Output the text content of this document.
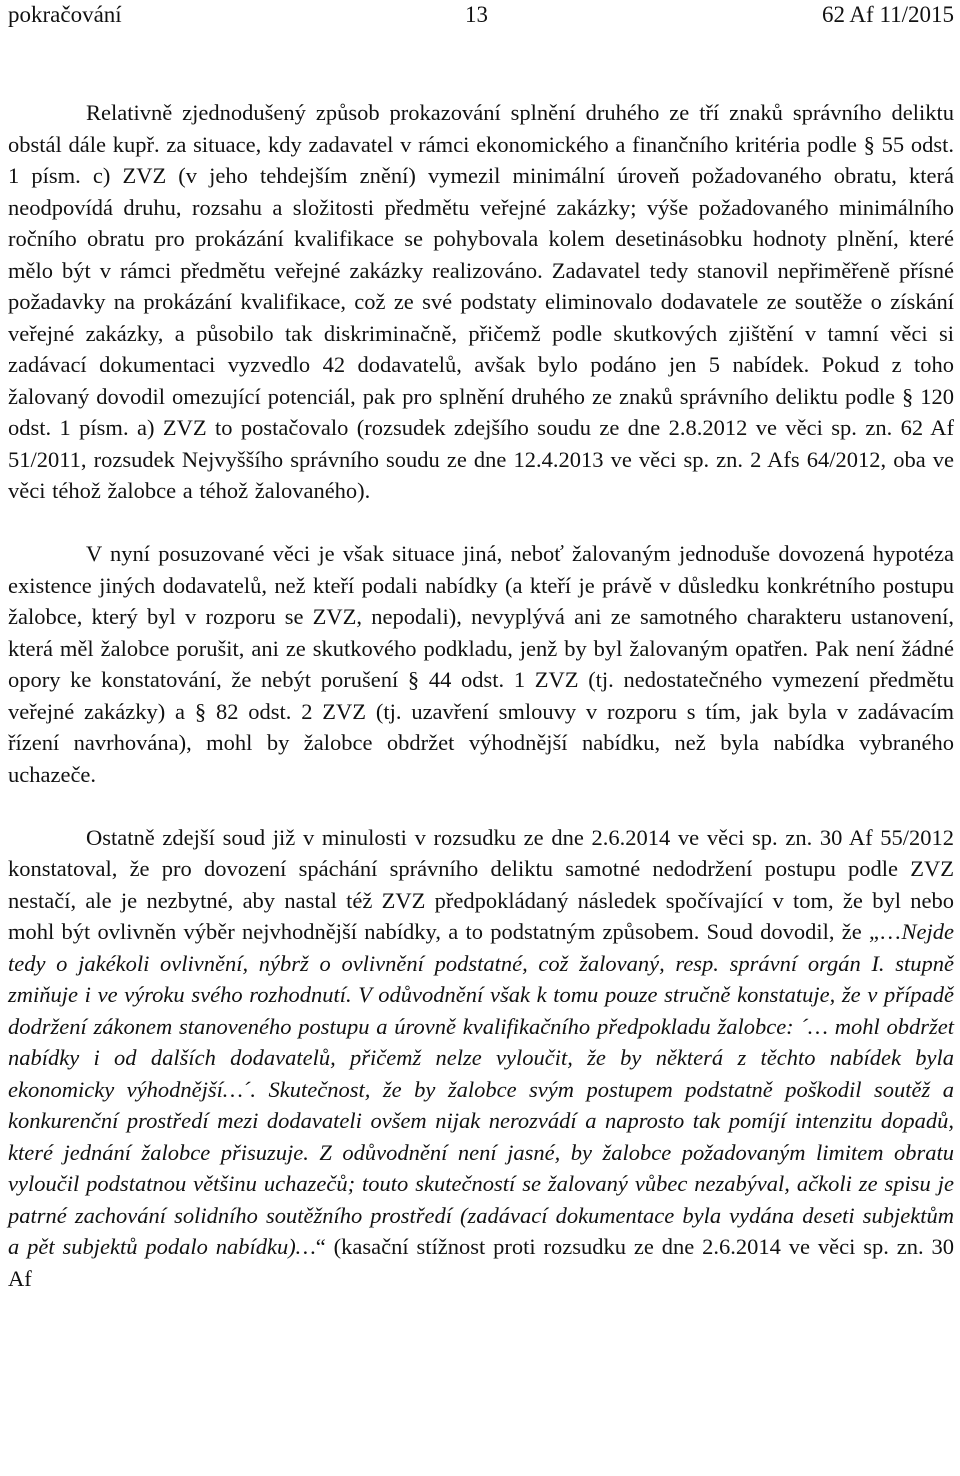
pokračování	13	62 Af 11/2015

Relativně zjednodušený způsob prokazování splnění druhého ze tří znaků správního deliktu obstál dále kupř. za situace, kdy zadavatel v rámci ekonomického a finančního kritéria podle § 55 odst. 1 písm. c) ZVZ (v jeho tehdejším znění) vymezil minimální úroveň požadovaného obratu, která neodpovídá druhu, rozsahu a složitosti předmětu veřejné zakázky; výše požadovaného minimálního ročního obratu pro prokázání kvalifikace se pohybovala kolem desetinásobku hodnoty plnění, které mělo být v rámci předmětu veřejné zakázky realizováno. Zadavatel tedy stanovil nepřiměřeně přísné požadavky na prokázání kvalifikace, což ze své podstaty eliminovalo dodavatele ze soutěže o získání veřejné zakázky, a působilo tak diskriminačně, přičemž podle skutkových zjištění v tamní věci si zadávací dokumentaci vyzvedlo 42 dodavatelů, avšak bylo podáno jen 5 nabídek. Pokud z toho žalovaný dovodil omezující potenciál, pak pro splnění druhého ze znaků správního deliktu podle § 120 odst. 1 písm. a) ZVZ to postačovalo (rozsudek zdejšího soudu ze dne 2.8.2012 ve věci sp. zn. 62 Af 51/2011, rozsudek Nejvyššího správního soudu ze dne 12.4.2013 ve věci sp. zn. 2 Afs 64/2012, oba ve věci téhož žalobce a téhož žalovaného).

V nyní posuzované věci je však situace jiná, neboť žalovaným jednoduše dovozená hypotéza existence jiných dodavatelů, než kteří podali nabídky (a kteří je právě v důsledku konkrétního postupu žalobce, který byl v rozporu se ZVZ, nepodali), nevyplývá ani ze samotného charakteru ustanovení, která měl žalobce porušit, ani ze skutkového podkladu, jenž by byl žalovaným opatřen. Pak není žádné opory ke konstatování, že nebýt porušení § 44 odst. 1 ZVZ (tj. nedostatečného vymezení předmětu veřejné zakázky) a § 82 odst. 2 ZVZ (tj. uzavření smlouvy v rozporu s tím, jak byla v zadávacím řízení navrhována), mohl by žalobce obdržet výhodnější nabídku, než byla nabídka vybraného uchazeče.

Ostatně zdejší soud již v minulosti v rozsudku ze dne 2.6.2014 ve věci sp. zn. 30 Af 55/2012 konstatoval, že pro dovození spáchání správního deliktu samotné nedodržení postupu podle ZVZ nestačí, ale je nezbytné, aby nastal též ZVZ předpokládaný následek spočívající v tom, že byl nebo mohl být ovlivněn výběr nejvhodnější nabídky, a to podstatným způsobem. Soud dovodil, že „…Nejde tedy o jakékoli ovlivnění, nýbrž o ovlivnění podstatné, což žalovaný, resp. správní orgán I. stupně zmiňuje i ve výroku svého rozhodnutí. V odůvodnění však k tomu pouze stručně konstatuje, že v případě dodržení zákonem stanoveného postupu a úrovně kvalifikačního předpokladu žalobce: ´… mohl obdržet nabídky i od dalších dodavatelů, přičemž nelze vyloučit, že by některá z těchto nabídek byla ekonomicky výhodnější…´. Skutečnost, že by žalobce svým postupem podstatně poškodil soutěž a konkurenční prostředí mezi dodavateli ovšem nijak nerozvádí a naprosto tak pomíjí intenzitu dopadů, které jednání žalobce přisuzuje. Z odůvodnění není jasné, by žalobce požadovaným limitem obratu vyloučil podstatnou většinu uchazečů; touto skutečností se žalovaný vůbec nezabýval, ačkoli ze spisu je patrné zachování solidního soutěžního prostředí (zadávací dokumentace byla vydána deseti subjektům a pět subjektů podalo nabídku)…“ (kasační stížnost proti rozsudku ze dne 2.6.2014 ve věci sp. zn. 30 Af
